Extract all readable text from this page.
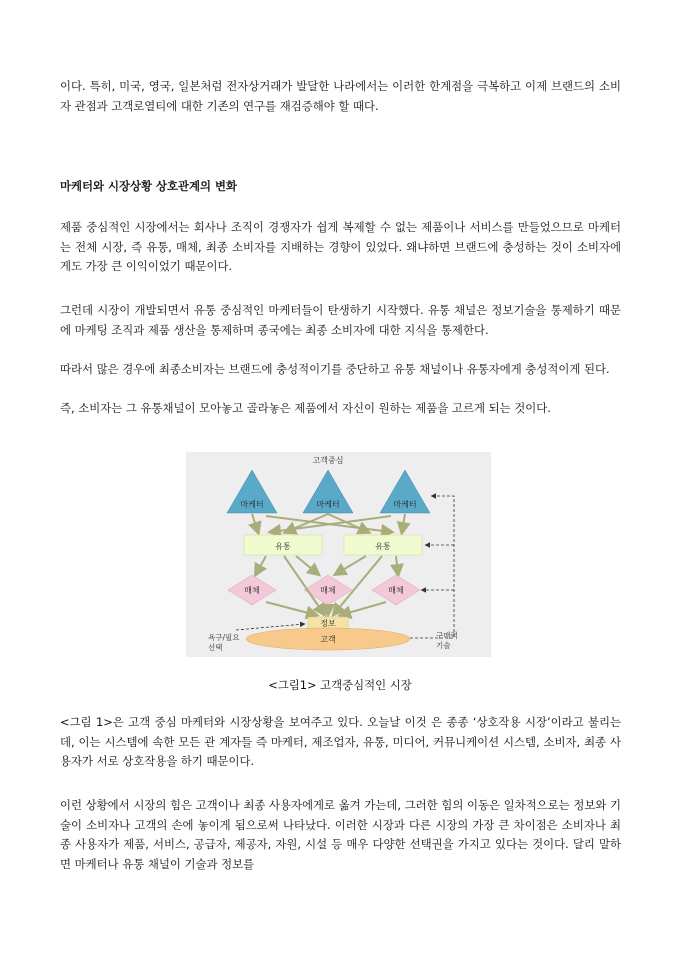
이다. 특히, 미국, 영국, 일본처럼 전자상거래가 발달한 나라에서는 이러한 한계점을 극복하고 이제 브랜드의 소비자 관점과 고객로열티에 대한 기존의 연구를 재검증해야 할 때다.

마케터와 시장상황 상호관계의 변화

제품 중심적인 시장에서는 회사나 조직이 경쟁자가 쉽게 복제할 수 없는 제품이나 서비스를 만들었으므로 마케터는 전체 시장, 즉 유통, 매체, 최종 소비자를 지배하는 경향이 있었다. 왜냐하면 브랜드에 충성하는 것이 소비자에게도 가장 큰 이익이었기 때문이다.

그런데 시장이 개발되면서 유통 중심적인 마케터들이 탄생하기 시작했다. 유통 채널은 정보기술을 통제하기 때문에 마케팅 조직과 제품 생산을 통제하며 종국에는 최종 소비자에 대한 지식을 통제한다.

따라서 많은 경우에 최종소비자는 브랜드에 충성적이기를 중단하고 유통 채널이나 유통자에게 충성적이게 된다.

즉, 소비자는 그 유통채널이 모아놓고 골라놓은 제품에서 자신이 원하는 제품을 고르게 되는 것이다.

고객중심
마케터	마케터	마케터
유통	유통
매체	매체	매체
정보
고객
욕구/필요
선택
구매력
기술

<그림1> 고객중심적인 시장

<그림 1>은 고객 중심 마케터와 시장상황을 보여주고 있다. 오늘날 이것 은 종종 ‘상호작용 시장’이라고 불리는데, 이는 시스템에 속한 모든 관 계자들 즉 마케터, 제조업자, 유통, 미디어, 커뮤니케이션 시스템, 소비자, 최종 사용자가 서로 상호작용을 하기 때문이다.

이런 상황에서 시장의 힘은 고객이나 최종 사용자에게로 옮겨 가는데, 그러한 힘의 이동은 일차적으로는 정보와 기술이 소비자나 고객의 손에 놓이게 됨으로써 나타났다. 이러한 시장과 다른 시장의 가장 큰 차이점은 소비자나 최종 사용자가 제품, 서비스, 공급자, 제공자, 자원, 시설 등 매우 다양한 선택권을 가지고 있다는 것이다. 달리 말하면 마케터나 유통 채널이 기술과 정보를
